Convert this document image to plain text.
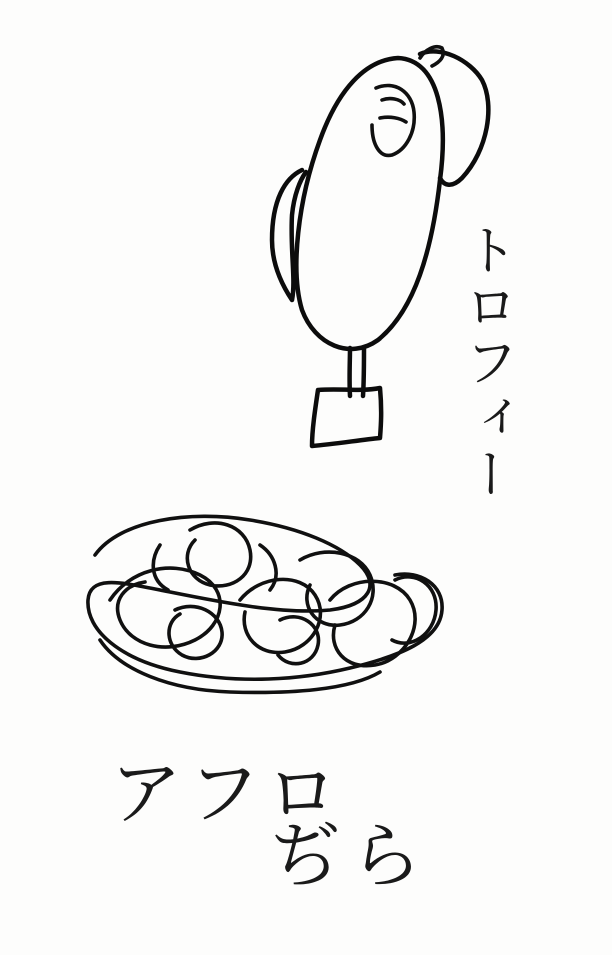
トロフィー
アフロ
ぢら
